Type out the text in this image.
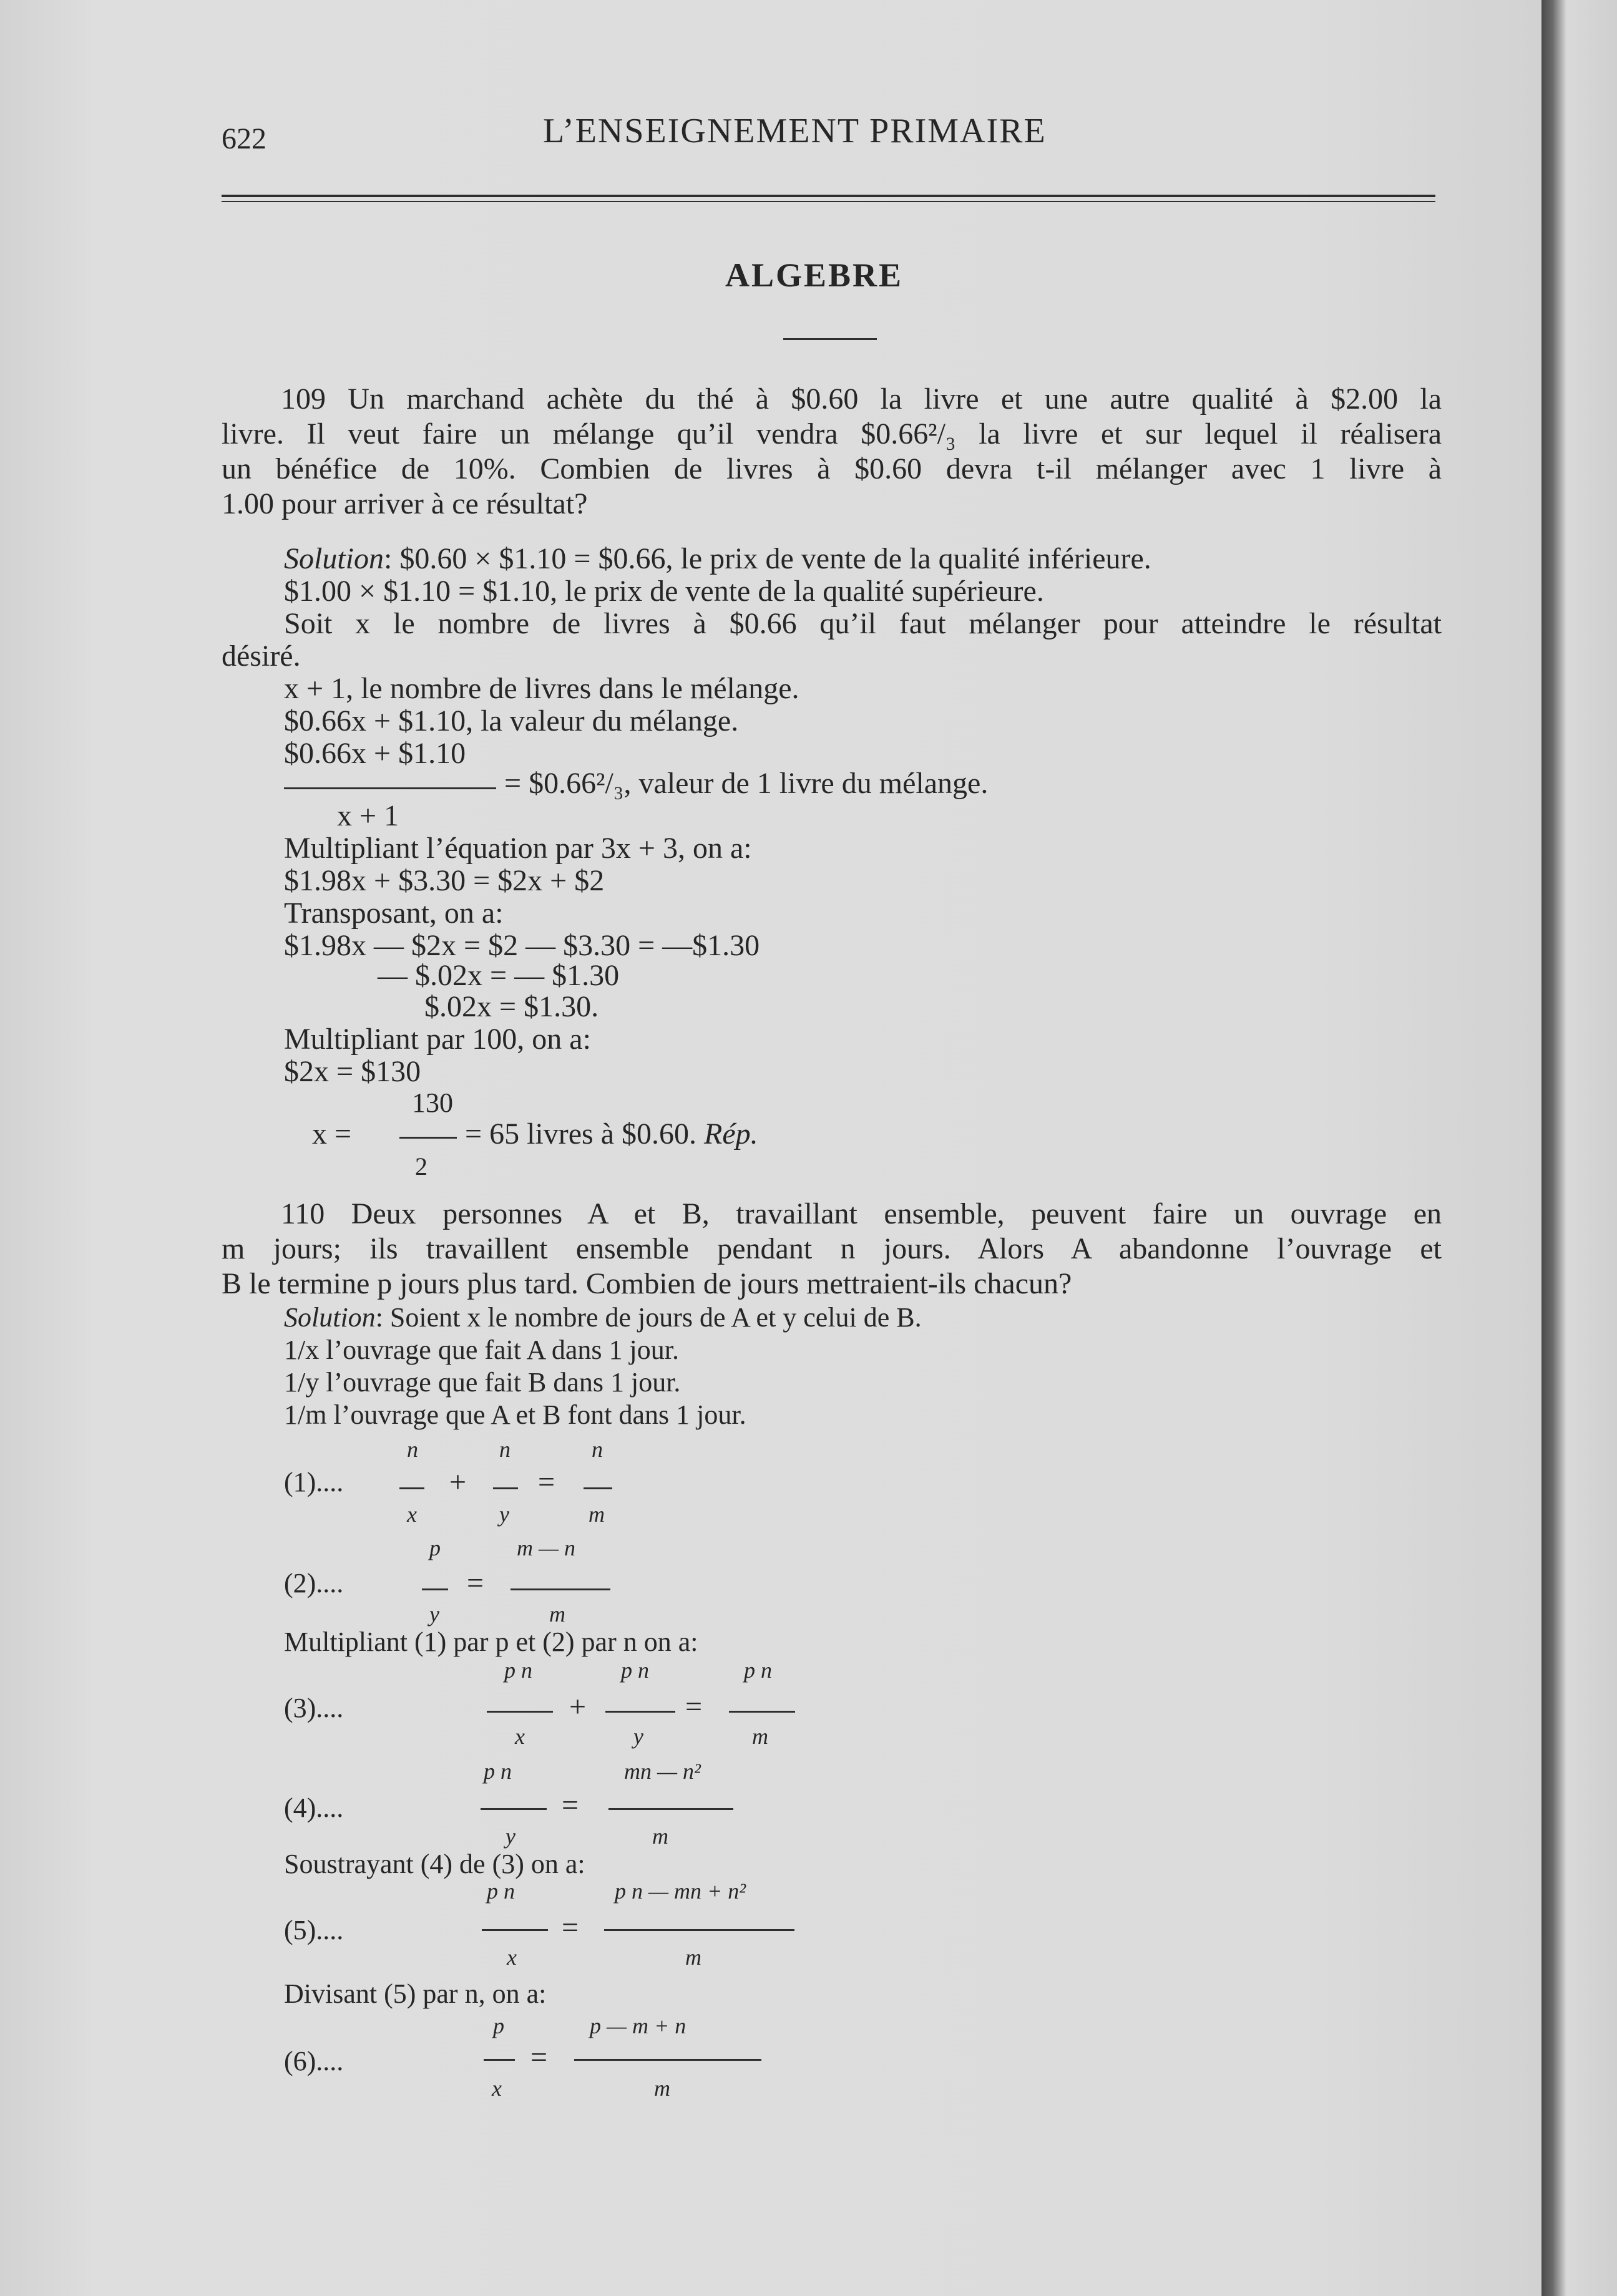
622	L’ENSEIGNEMENT PRIMAIRE
ALGEBRE
109 Un marchand achète du thé à $0.60 la livre et une autre qualité à $2.00 la
livre. Il veut faire un mélange qu’il vendra $0.66²/₃ la livre et sur lequel il réalisera
un bénéfice de 10%. Combien de livres à $0.60 devra t-il mélanger avec 1 livre à
1.00 pour arriver à ce résultat?
Solution: $0.60 × $1.10 = $0.66, le prix de vente de la qualité inférieure.
$1.00 × $1.10 = $1.10, le prix de vente de la qualité supérieure.
Soit x le nombre de livres à $0.66 qu’il faut mélanger pour atteindre le résultat
désiré.
x + 1, le nombre de livres dans le mélange.
$0.66x + $1.10, la valeur du mélange.
$0.66x + $1.10
= $0.66²/₃, valeur de 1 livre du mélange.
x + 1
Multipliant l’équation par 3x + 3, on a:
$1.98x + $3.30 = $2x + $2
Transposant, on a:
$1.98x — $2x = $2 — $3.30 = —$1.30
— $.02x = — $1.30
$.02x = $1.30.
Multipliant par 100, on a:
$2x = $130
130
x =	= 65 livres à $0.60. Rép.
2
110 Deux personnes A et B, travaillant ensemble, peuvent faire un ouvrage en
m jours; ils travaillent ensemble pendant n jours. Alors A abandonne l’ouvrage et
B le termine p jours plus tard. Combien de jours mettraient-ils chacun?
Solution: Soient x le nombre de jours de A et y celui de B.
1/x l’ouvrage que fait A dans 1 jour.
1/y l’ouvrage que fait B dans 1 jour.
1/m l’ouvrage que A et B font dans 1 jour.
(1)....
n
x
+
n
y
=
n
m
(2)....
p
y
=
m — n
m
Multipliant (1) par p et (2) par n on a:
(3)....
p n
x
+
p n
y
=
p n
m
(4)....
p n
y
=
mn — n²
m
Soustrayant (4) de (3) on a:
(5)....
p n
x
=
p n — mn + n²
m
Divisant (5) par n, on a:
(6)....
p
x
=
p — m + n
m
